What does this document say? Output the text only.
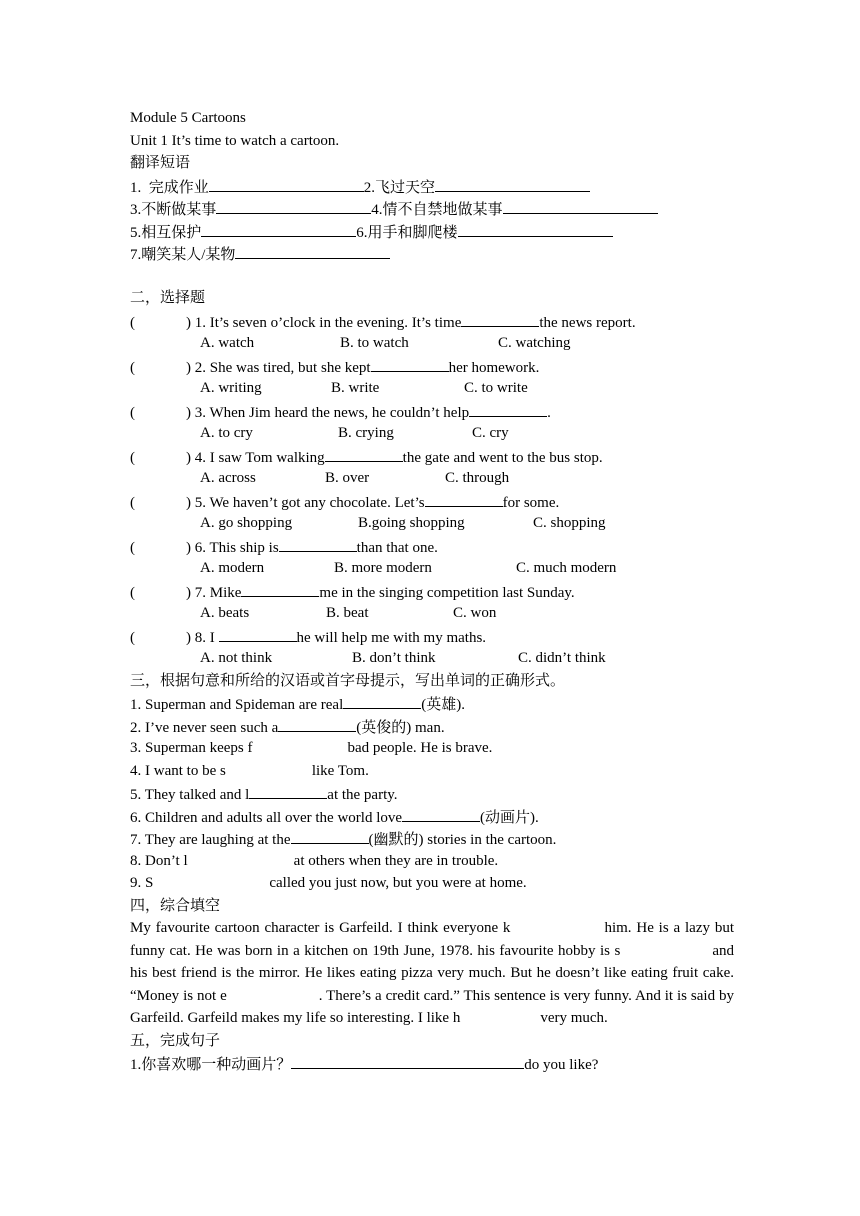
Module 5 Cartoons
Unit 1 It’s time to watch a cartoon.
翻译短语
1.  完成作业	2.飞过天空
3.不断做某事	4.情不自禁地做某事
5.相互保护	6.用手和脚爬楼
7.嘲笑某人/某物
二，选择题
(	) 1. It’s seven o’clock in the evening. It’s time	the news report.
A. watch	B. to watch	C. watching
(	) 2. She was tired, but she kept	her homework.
A. writing	B. write	C. to write
(	) 3. When Jim heard the news, he couldn’t help	.
A. to cry	B. crying	C. cry
(	) 4. I saw Tom walking	the gate and went to the bus stop.
A. across	B. over	C. through
(	) 5. We haven’t got any chocolate. Let’s	for some.
A. go shopping	B.going shopping	C. shopping
(	) 6. This ship is	than that one.
A. modern	B. more modern	C. much modern
(	) 7. Mike	me in the singing competition last Sunday.
A. beats	B. beat	C. won
(	) 8. I	he will help me with my maths.
A. not think	B. don’t think	C. didn’t think
三，根据句意和所给的汉语或首字母提示，写出单词的正确形式。
1. Superman and Spideman are real	(英雄).
2. I’ve never seen such a	(英俊的) man.
3. Superman keeps f	bad people. He is brave.
4. I want to be s	like Tom.
5. They talked and l	at the party.
6. Children and adults all over the world love	(动画片).
7. They are laughing at the	(幽默的) stories in the cartoon.
8. Don’t l	at others when they are in trouble.
9. S	called you just now, but you were at home.
四，综合填空
My favourite cartoon character is Garfeild. I think everyone k	him. He is a lazy but funny cat. He was born in a kitchen on 19th June, 1978. his favourite hobby is s	and his best friend is the mirror. He likes eating pizza very much. But he doesn’t like eating fruit cake. “Money is not e	. There’s a credit card.” This sentence is very funny. And it is said by Garfeild. Garfeild makes my life so interesting. I like h	very much.
五，完成句子
1.你喜欢哪一种动画片？	do you like?
